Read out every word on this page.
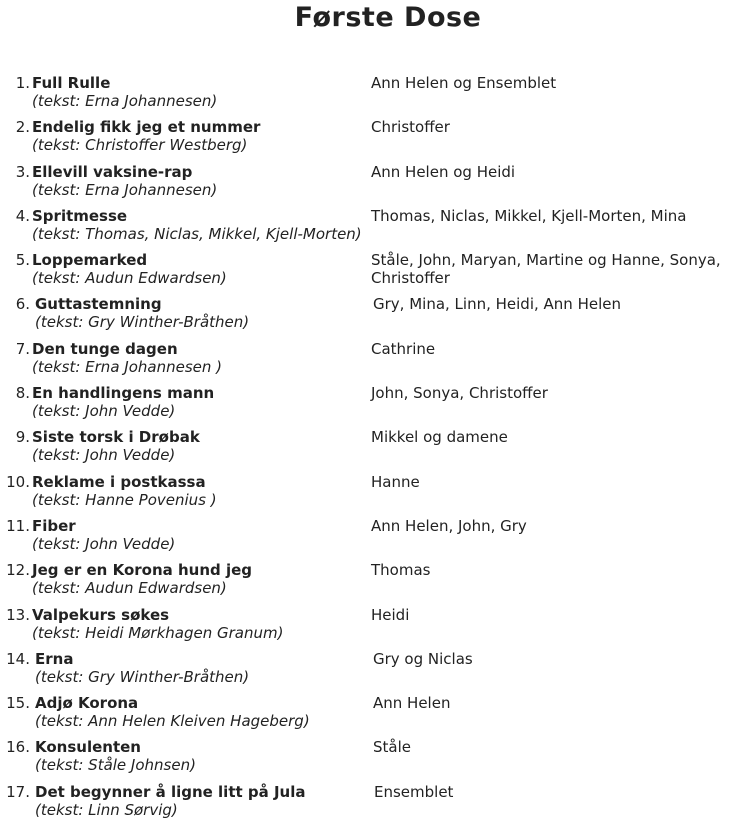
Første Dose
1. Full Rulle
(tekst: Erna Johannesen)
Ann Helen og Ensemblet
2. Endelig fikk jeg et nummer
(tekst: Christoffer Westberg)
Christoffer
3. Ellevill vaksine-rap
(tekst: Erna Johannesen)
Ann Helen og Heidi
4. Spritmesse
(tekst: Thomas, Niclas, Mikkel, Kjell-Morten)
Thomas, Niclas, Mikkel, Kjell-Morten, Mina
5. Loppemarked
(tekst: Audun Edwardsen)
Ståle, John, Maryan, Martine og Hanne, Sonya, Christoffer
6. Guttastemning
(tekst: Gry Winther-Bråthen)
Gry, Mina, Linn, Heidi, Ann Helen
7. Den tunge dagen
(tekst: Erna Johannesen )
Cathrine
8. En handlingens mann
(tekst: John Vedde)
John, Sonya, Christoffer
9. Siste torsk i Drøbak
(tekst: John Vedde)
Mikkel og damene
10. Reklame i postkassa
(tekst: Hanne Povenius )
Hanne
11. Fiber
(tekst: John Vedde)
Ann Helen, John, Gry
12. Jeg er en Korona hund jeg
(tekst: Audun Edwardsen)
Thomas
13. Valpekurs søkes
(tekst: Heidi Mørkhagen Granum)
Heidi
14. Erna
(tekst: Gry Winther-Bråthen)
Gry og Niclas
15. Adjø Korona
(tekst: Ann Helen Kleiven Hageberg)
Ann Helen
16. Konsulenten
(tekst: Ståle Johnsen)
Ståle
17. Det begynner å ligne litt på Jula
(tekst: Linn Sørvig)
Ensemblet
